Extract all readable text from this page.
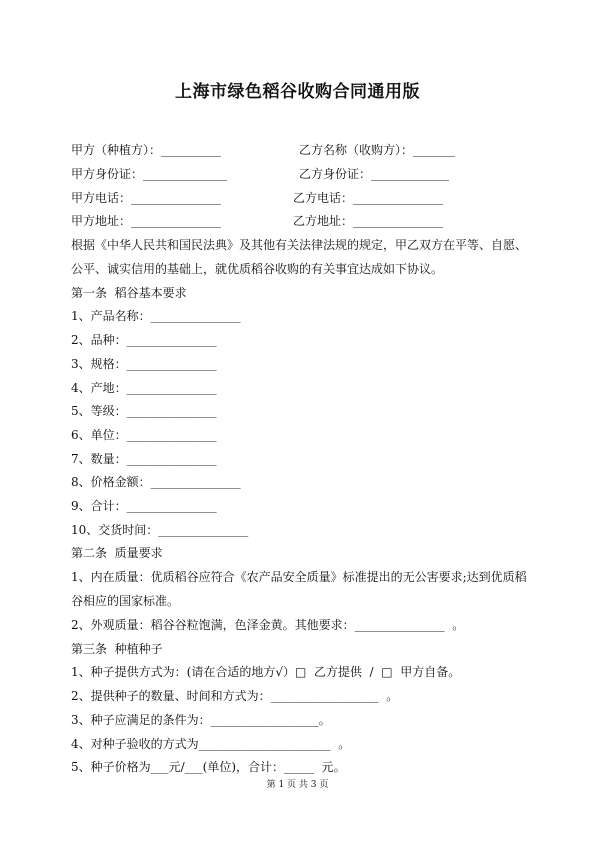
上海市绿色稻谷收购合同通用版
甲方（种植方）：__________	乙方名称（收购方）：_______
甲方身份证：______________	乙方身份证：_____________
甲方电话：_______________	乙方电话：_______________
甲方地址：_______________	乙方地址：_______________
根据《中华人民共和国民法典》及其他有关法律法规的规定，甲乙双方在平等、自愿、
公平、诚实信用的基础上，就优质稻谷收购的有关事宜达成如下协议。
第一条  稻谷基本要求
1、产品名称：_______________
2、品种：_______________
3、规格：_______________
4、产地：_______________
5、等级：_______________
6、单位：_______________
7、数量：_______________
8、价格金额：_______________
9、合计：_______________
10、交货时间：_______________
第二条  质量要求
1、内在质量：优质稻谷应符合《农产品安全质量》标准提出的无公害要求;达到优质稻
谷相应的国家标准。
2、外观质量：稻谷谷粒饱满，色泽金黄。其他要求：_______________  。
第三条  种植种子
1、种子提供方式为：(请在合适的地方√）□  乙方提供  /  □  甲方自备。
2、提供种子的数量、时间和方式为：__________________  。
3、种子应满足的条件为：__________________。
4、对种子验收的方式为______________________  。
5、种子价格为___元/___(单位)，合计：_____  元。
第 1 页 共 3 页
